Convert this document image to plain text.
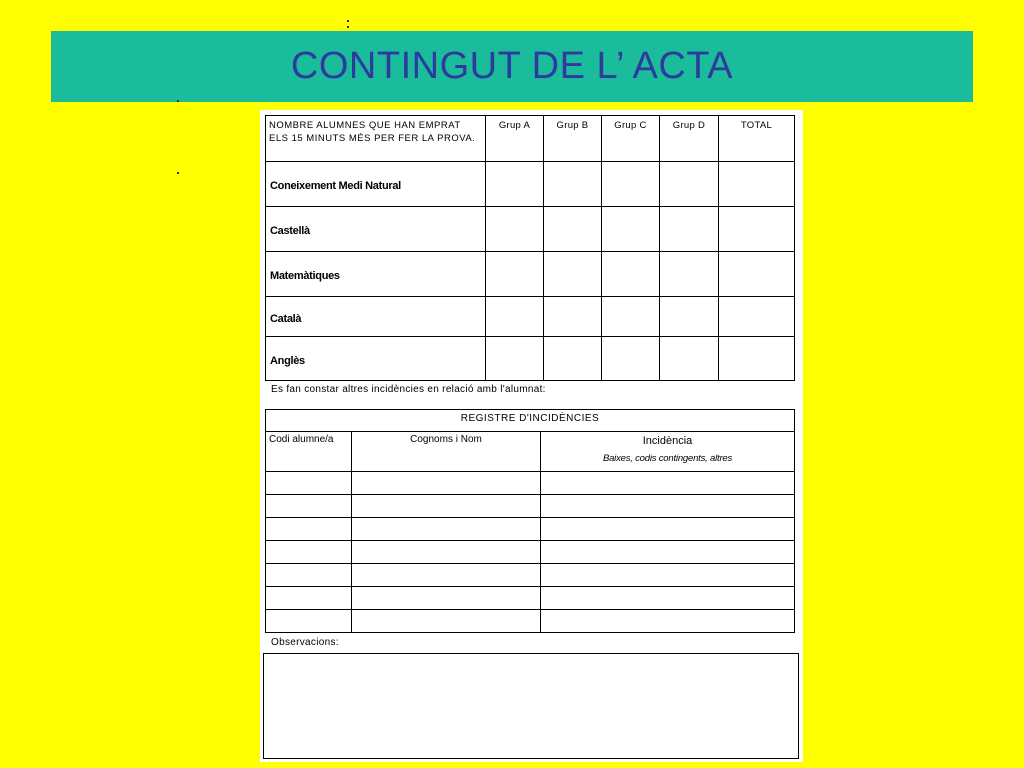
CONTINGUT DE L’ ACTA
NOMBRE ALUMNES QUE HAN EMPRAT ELS 15 MINUTS MÉS PER FER LA PROVA.	Grup A	Grup B	Grup C	Grup D	TOTAL
Coneixement Medi Natural					
Castellà					
Matemàtiques					
Català					
Anglès					
Es fan constar altres incidències en relació amb l'alumnat:
REGISTRE D'INCIDÈNCIES		
Codi alumne/a	Cognoms i Nom	Incidència
Baixes, codis contingents, altres

Observacions:
